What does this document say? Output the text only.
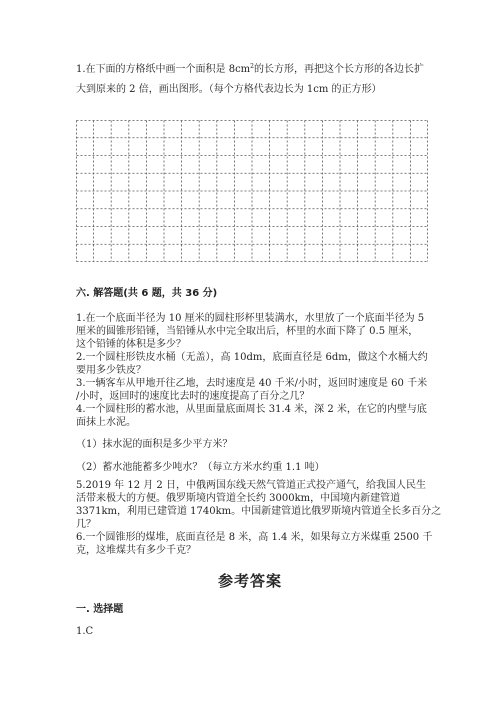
1.在下面的方格纸中画一个面积是 $8cm^2$的长方形，再把这个长方形的各边长扩
大到原来的 2 倍，画出图形。（每个方格代表边长为 1cm 的正方形）
六. 解答题(共 6 题，共 36 分)
1.在一个底面半径为 10 厘米的圆柱形杯里装满水，水里放了一个底面半径为 5
厘米的圆锥形铅锤，当铅锤从水中完全取出后，杯里的水面下降了 0.5 厘米，
这个铅锤的体积是多少？
2.一个圆柱形铁皮水桶（无盖），高 10dm，底面直径是 6dm，做这个水桶大约
要用多少铁皮？
3.一辆客车从甲地开往乙地，去时速度是 40 千米/小时，返回时速度是 60 千米
/小时，返回时的速度比去时的速度提高了百分之几？
4.一个圆柱形的蓄水池，从里面量底面周长 31.4 米，深 2 米，在它的内壁与底
面抹上水泥。
（1）抹水泥的面积是多少平方米？
（2）蓄水池能蓄多少吨水？（每立方米水约重 1.1 吨）
5.2019 年 12 月 2 日，中俄两国东线天然气管道正式投产通气，给我国人民生
活带来极大的方便。俄罗斯境内管道全长约 3000km，中国境内新建管道
3371km，利用已建管道 1740km。中国新建管道比俄罗斯境内管道全长多百分之
几？
6.一个圆锥形的煤堆，底面直径是 8 米，高 1.4 米，如果每立方米煤重 2500 千
克，这堆煤共有多少千克？
参考答案
一. 选择题
1.C
